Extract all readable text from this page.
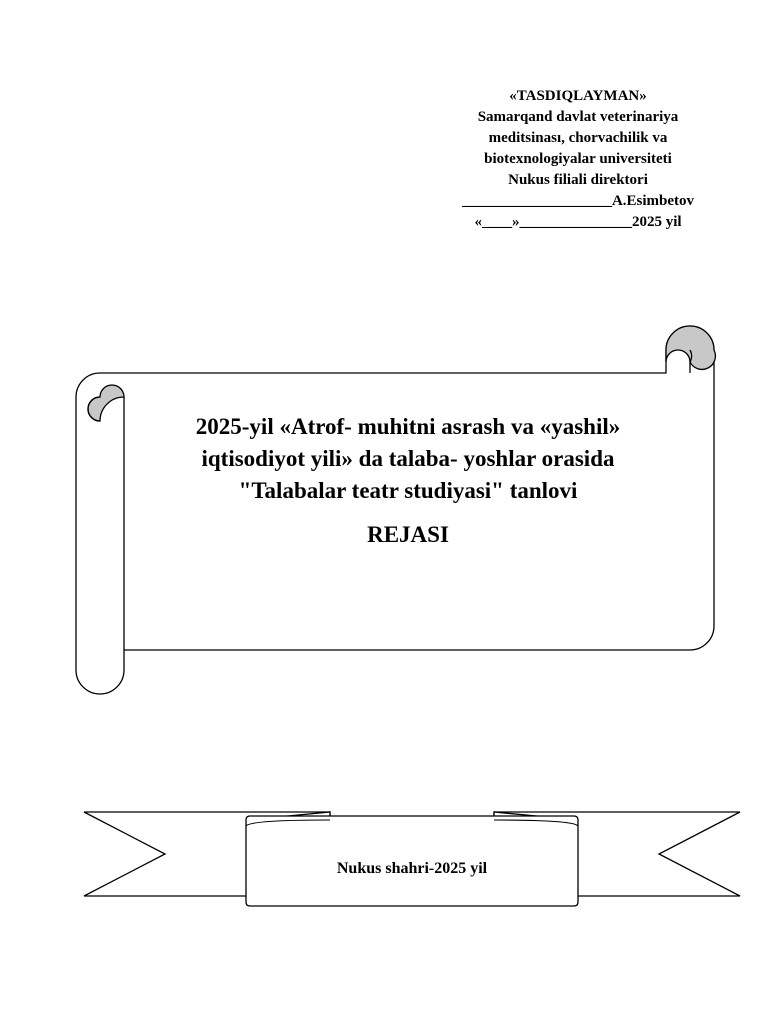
«TASDIQLAYMAN»
Samarqand davlat veterinariya
meditsinası, chorvachilik va
biotexnologiyalar universiteti
Nukus filiali direktori
____________________A.Esimbetov
«____»_______________2025 yil
2025-yil «Atrof- muhitni asrash va «yashil»
iqtisodiyot yili» da talaba- yoshlar orasida
"Talabalar teatr studiyasi" tanlovi
REJASI
Nukus shahri-2025 yil
